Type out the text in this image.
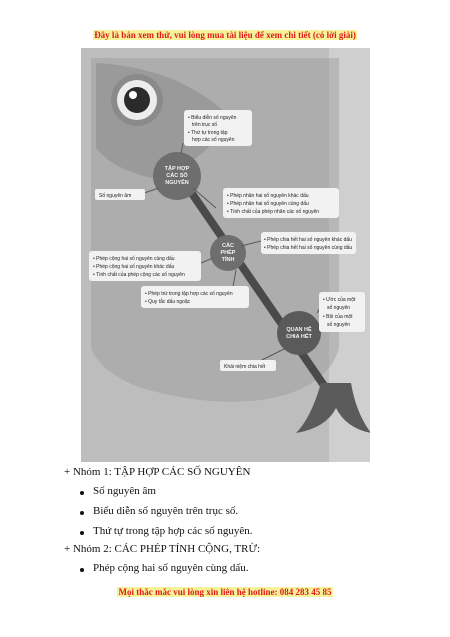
Đây là bản xem thử, vui lòng mua tài liệu để xem chi tiết (có lời giải)
TẬP HỢP
CÁC SỐ
NGUYÊN
CÁC
PHÉP
TÍNH
QUAN HỆ
CHIA HẾT
• Biểu diễn số nguyên
trên trục số
• Thứ tự trong tập
hợp các số nguyên
Số nguyên âm	• Phép nhân hai số nguyên khác dấu
• Phép nhân hai số nguyên cùng dấu
• Tính chất của phép nhân các số nguyên
• Phép chia hết hai số nguyên khác dấu
• Phép chia hết hai số nguyên cùng dấu
• Phép cộng hai số nguyên cùng dấu
• Phép cộng hai số nguyên khác dấu
• Tính chất của phép cộng các số nguyên
• Phép trừ trong tập hợp các số nguyên
• Quy tắc dấu ngoặc	• Ước của một
số nguyên
• Bội của một
số nguyên
Khái niệm chia hết
+ Nhóm 1: TẬP HỢP CÁC SỐ NGUYÊN
Số nguyên âm
Biểu diễn số nguyên trên trục số.
Thứ tự trong tập hợp các số nguyên.
+ Nhóm 2: CÁC PHÉP TÍNH CỘNG, TRỪ:
Phép cộng hai số nguyên cùng dấu.
Mọi thắc mắc vui lòng xin liên hệ hotline: 084 283 45 85
